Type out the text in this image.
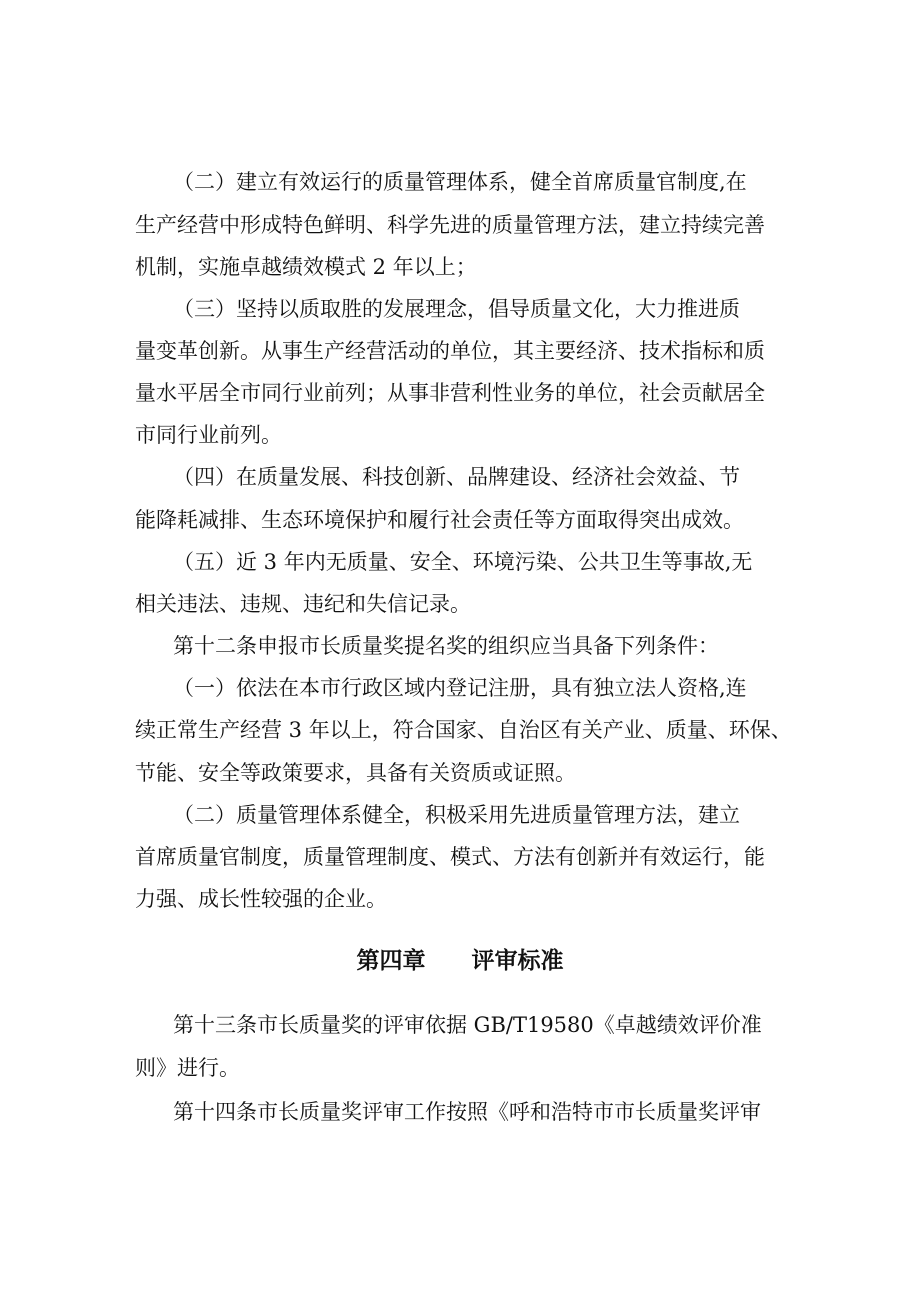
（二）建立有效运行的质量管理体系，健全首席质量官制度,在

生产经营中形成特色鲜明、科学先进的质量管理方法，建立持续完善

机制，实施卓越绩效模式 2 年以上；

（三）坚持以质取胜的发展理念，倡导质量文化，大力推进质

量变革创新。从事生产经营活动的单位，其主要经济、技术指标和质

量水平居全市同行业前列；从事非营利性业务的单位，社会贡献居全

市同行业前列。

（四）在质量发展、科技创新、品牌建设、经济社会效益、节

能降耗减排、生态环境保护和履行社会责任等方面取得突出成效。

（五）近 3 年内无质量、安全、环境污染、公共卫生等事故,无

相关违法、违规、违纪和失信记录。

第十二条申报市长质量奖提名奖的组织应当具备下列条件：

（一）依法在本市行政区域内登记注册，具有独立法人资格,连

续正常生产经营 3 年以上，符合国家、自治区有关产业、质量、环保、

节能、安全等政策要求，具备有关资质或证照。

（二）质量管理体系健全，积极采用先进质量管理方法，建立

首席质量官制度，质量管理制度、模式、方法有创新并有效运行，能

力强、成长性较强的企业。

第四章 评审标准

第十三条市长质量奖的评审依据 GB/T19580《卓越绩效评价准

则》进行。

第十四条市长质量奖评审工作按照《呼和浩特市市长质量奖评审
